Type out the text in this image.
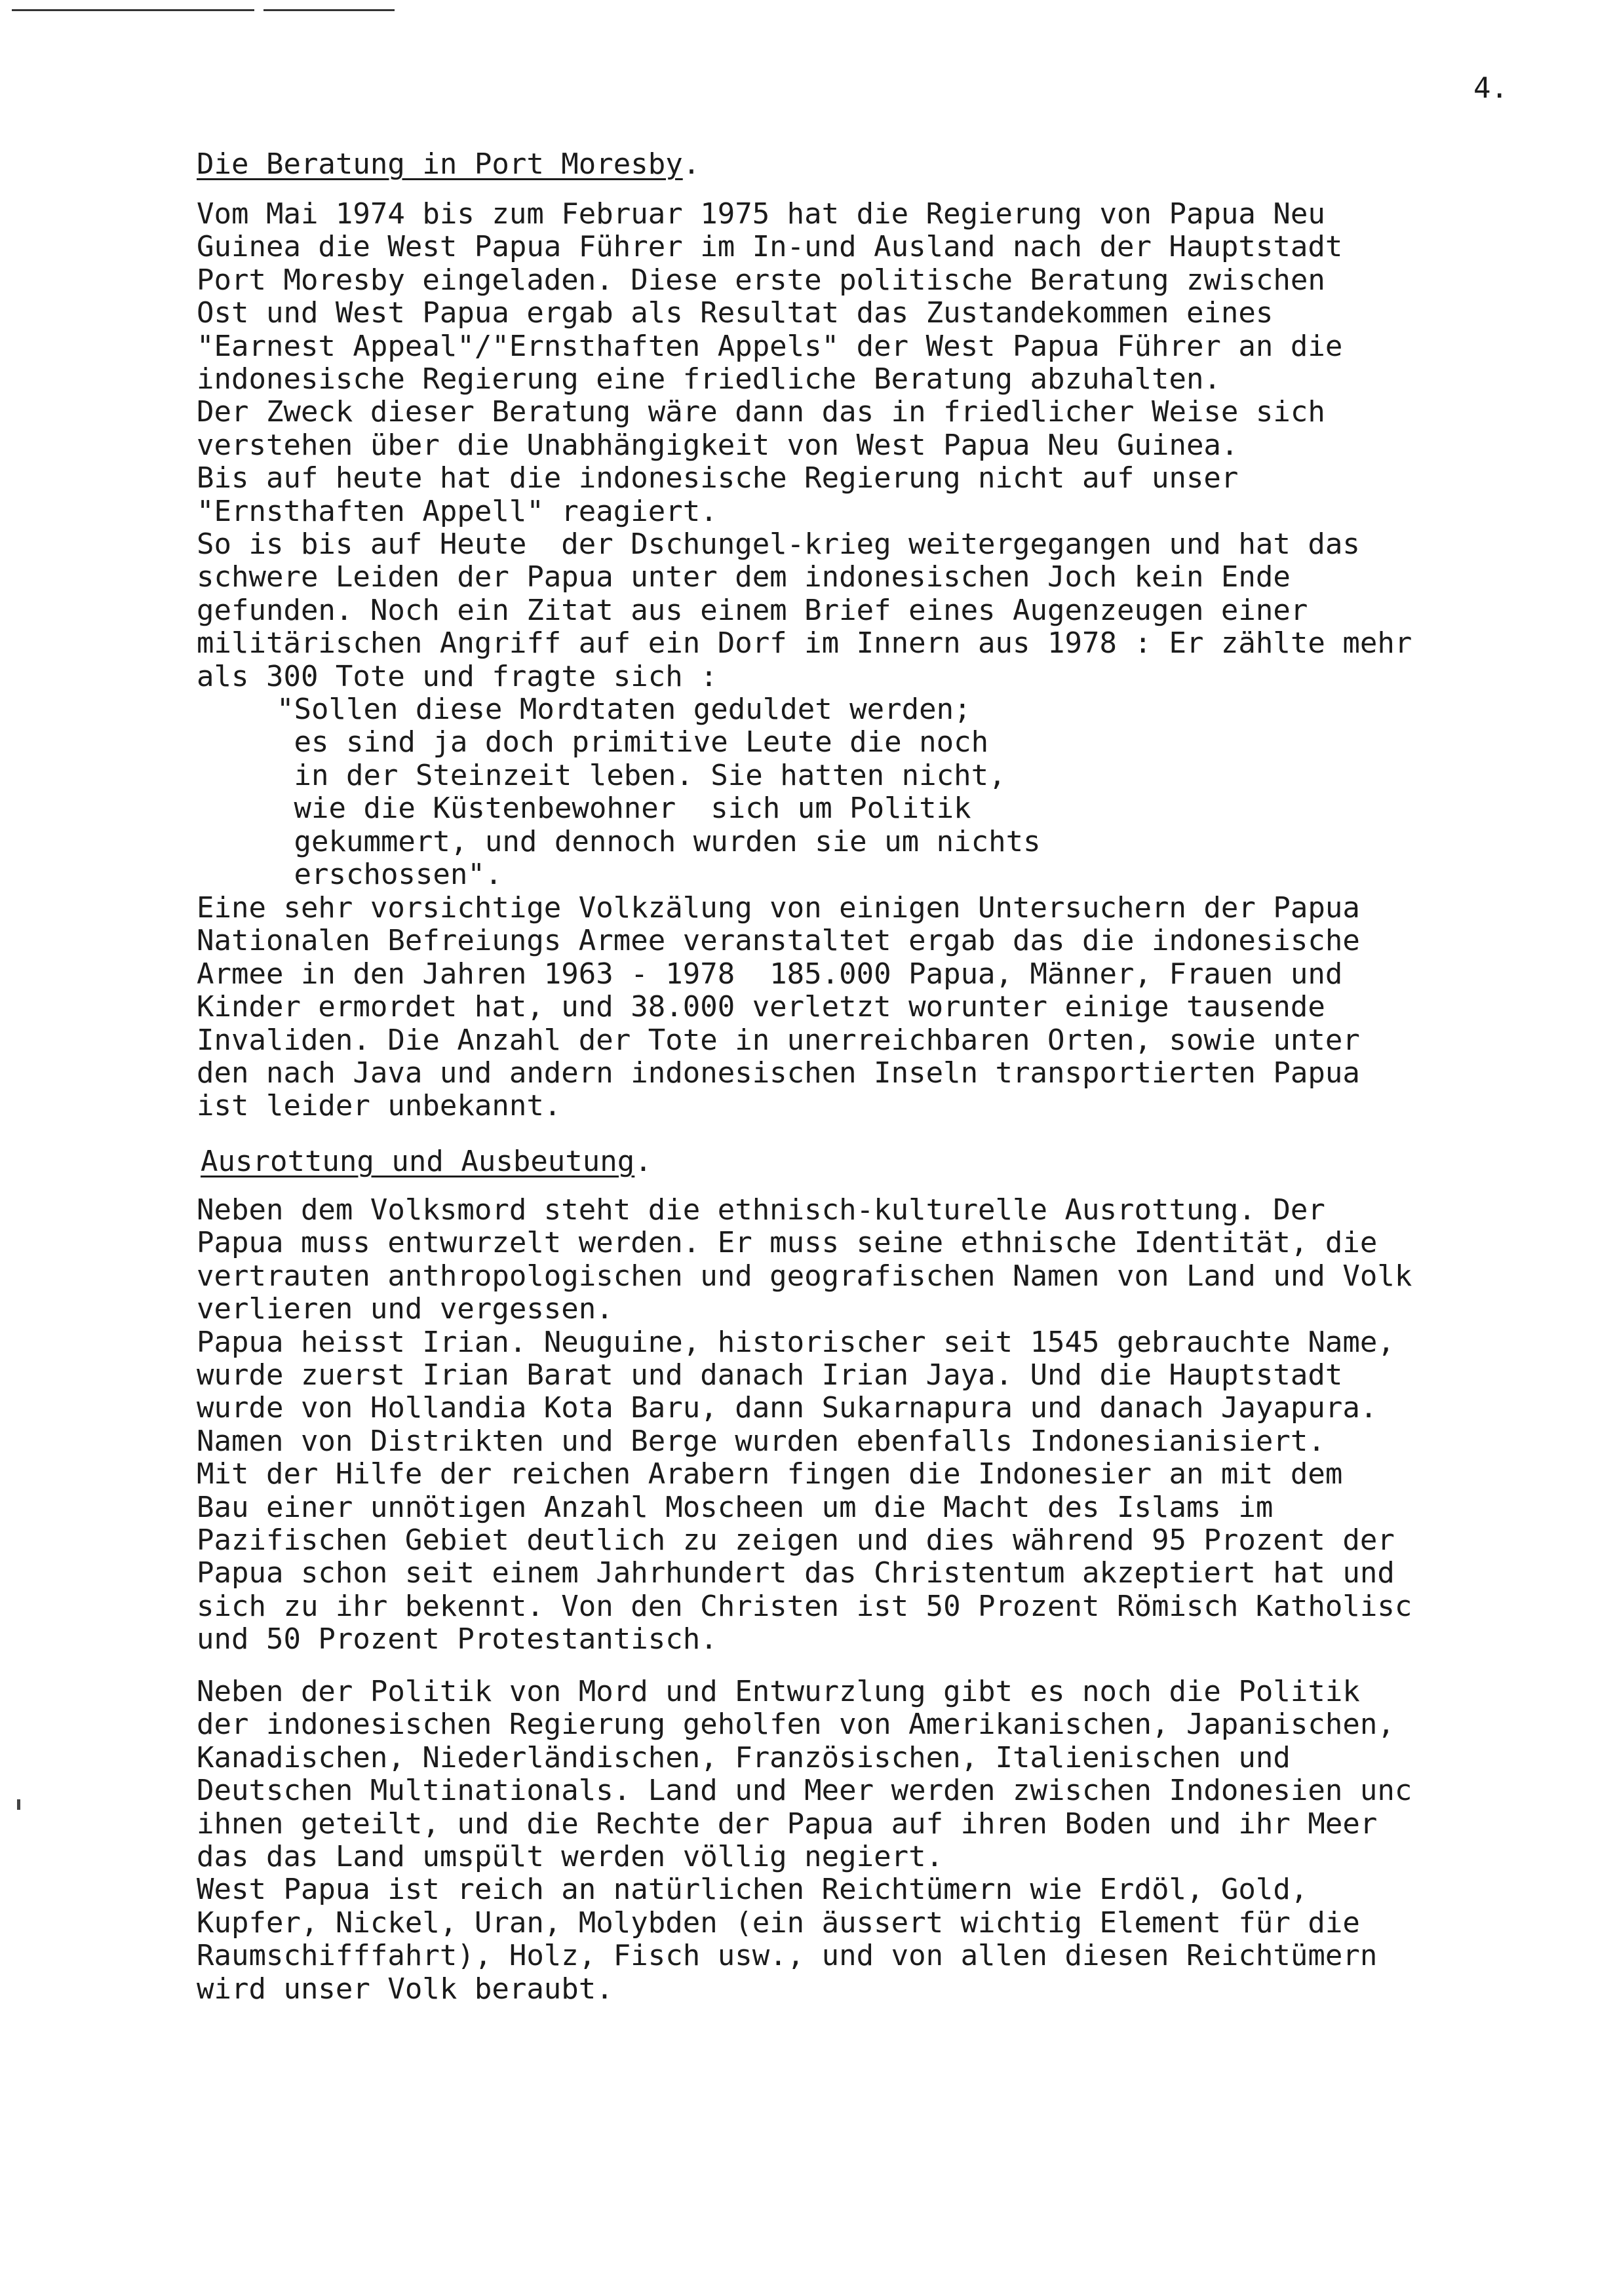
4.
Die Beratung in Port Moresby.
Vom Mai 1974 bis zum Februar 1975 hat die Regierung von Papua Neu
Guinea die West Papua Führer im In-und Ausland nach der Hauptstadt
Port Moresby eingeladen. Diese erste politische Beratung zwischen
Ost und West Papua ergab als Resultat das Zustandekommen eines
"Earnest Appeal"/"Ernsthaften Appels" der West Papua Führer an die
indonesische Regierung eine friedliche Beratung abzuhalten.
Der Zweck dieser Beratung wäre dann das in friedlicher Weise sich
verstehen über die Unabhängigkeit von West Papua Neu Guinea.
Bis auf heute hat die indonesische Regierung nicht auf unser
"Ernsthaften Appell" reagiert.
So is bis auf Heute  der Dschungel-krieg weitergegangen und hat das
schwere Leiden der Papua unter dem indonesischen Joch kein Ende
gefunden. Noch ein Zitat aus einem Brief eines Augenzeugen einer
militärischen Angriff auf ein Dorf im Innern aus 1978 : Er zählte mehr
als 300 Tote und fragte sich :
"Sollen diese Mordtaten geduldet werden;
es sind ja doch primitive Leute die noch
in der Steinzeit leben. Sie hatten nicht,
wie die Küstenbewohner  sich um Politik
gekummert, und dennoch wurden sie um nichts
erschossen".
Eine sehr vorsichtige Volkzälung von einigen Untersuchern der Papua
Nationalen Befreiungs Armee veranstaltet ergab das die indonesische
Armee in den Jahren 1963 - 1978  185.000 Papua, Männer, Frauen und
Kinder ermordet hat, und 38.000 verletzt worunter einige tausende
Invaliden. Die Anzahl der Tote in unerreichbaren Orten, sowie unter
den nach Java und andern indonesischen Inseln transportierten Papua
ist leider unbekannt.
Ausrottung und Ausbeutung.
Neben dem Volksmord steht die ethnisch-kulturelle Ausrottung. Der
Papua muss entwurzelt werden. Er muss seine ethnische Identität, die
vertrauten anthropologischen und geografischen Namen von Land und Volk
verlieren und vergessen.
Papua heisst Irian. Neuguine, historischer seit 1545 gebrauchte Name,
wurde zuerst Irian Barat und danach Irian Jaya. Und die Hauptstadt
wurde von Hollandia Kota Baru, dann Sukarnapura und danach Jayapura.
Namen von Distrikten und Berge wurden ebenfalls Indonesianisiert.
Mit der Hilfe der reichen Arabern fingen die Indonesier an mit dem
Bau einer unnötigen Anzahl Moscheen um die Macht des Islams im
Pazifischen Gebiet deutlich zu zeigen und dies während 95 Prozent der
Papua schon seit einem Jahrhundert das Christentum akzeptiert hat und
sich zu ihr bekennt. Von den Christen ist 50 Prozent Römisch Katholisc
und 50 Prozent Protestantisch.
Neben der Politik von Mord und Entwurzlung gibt es noch die Politik
der indonesischen Regierung geholfen von Amerikanischen, Japanischen,
Kanadischen, Niederländischen, Französischen, Italienischen und
Deutschen Multinationals. Land und Meer werden zwischen Indonesien unc
ihnen geteilt, und die Rechte der Papua auf ihren Boden und ihr Meer
das das Land umspült werden völlig negiert.
West Papua ist reich an natürlichen Reichtümern wie Erdöl, Gold,
Kupfer, Nickel, Uran, Molybden (ein äussert wichtig Element für die
Raumschifffahrt), Holz, Fisch usw., und von allen diesen Reichtümern
wird unser Volk beraubt.
